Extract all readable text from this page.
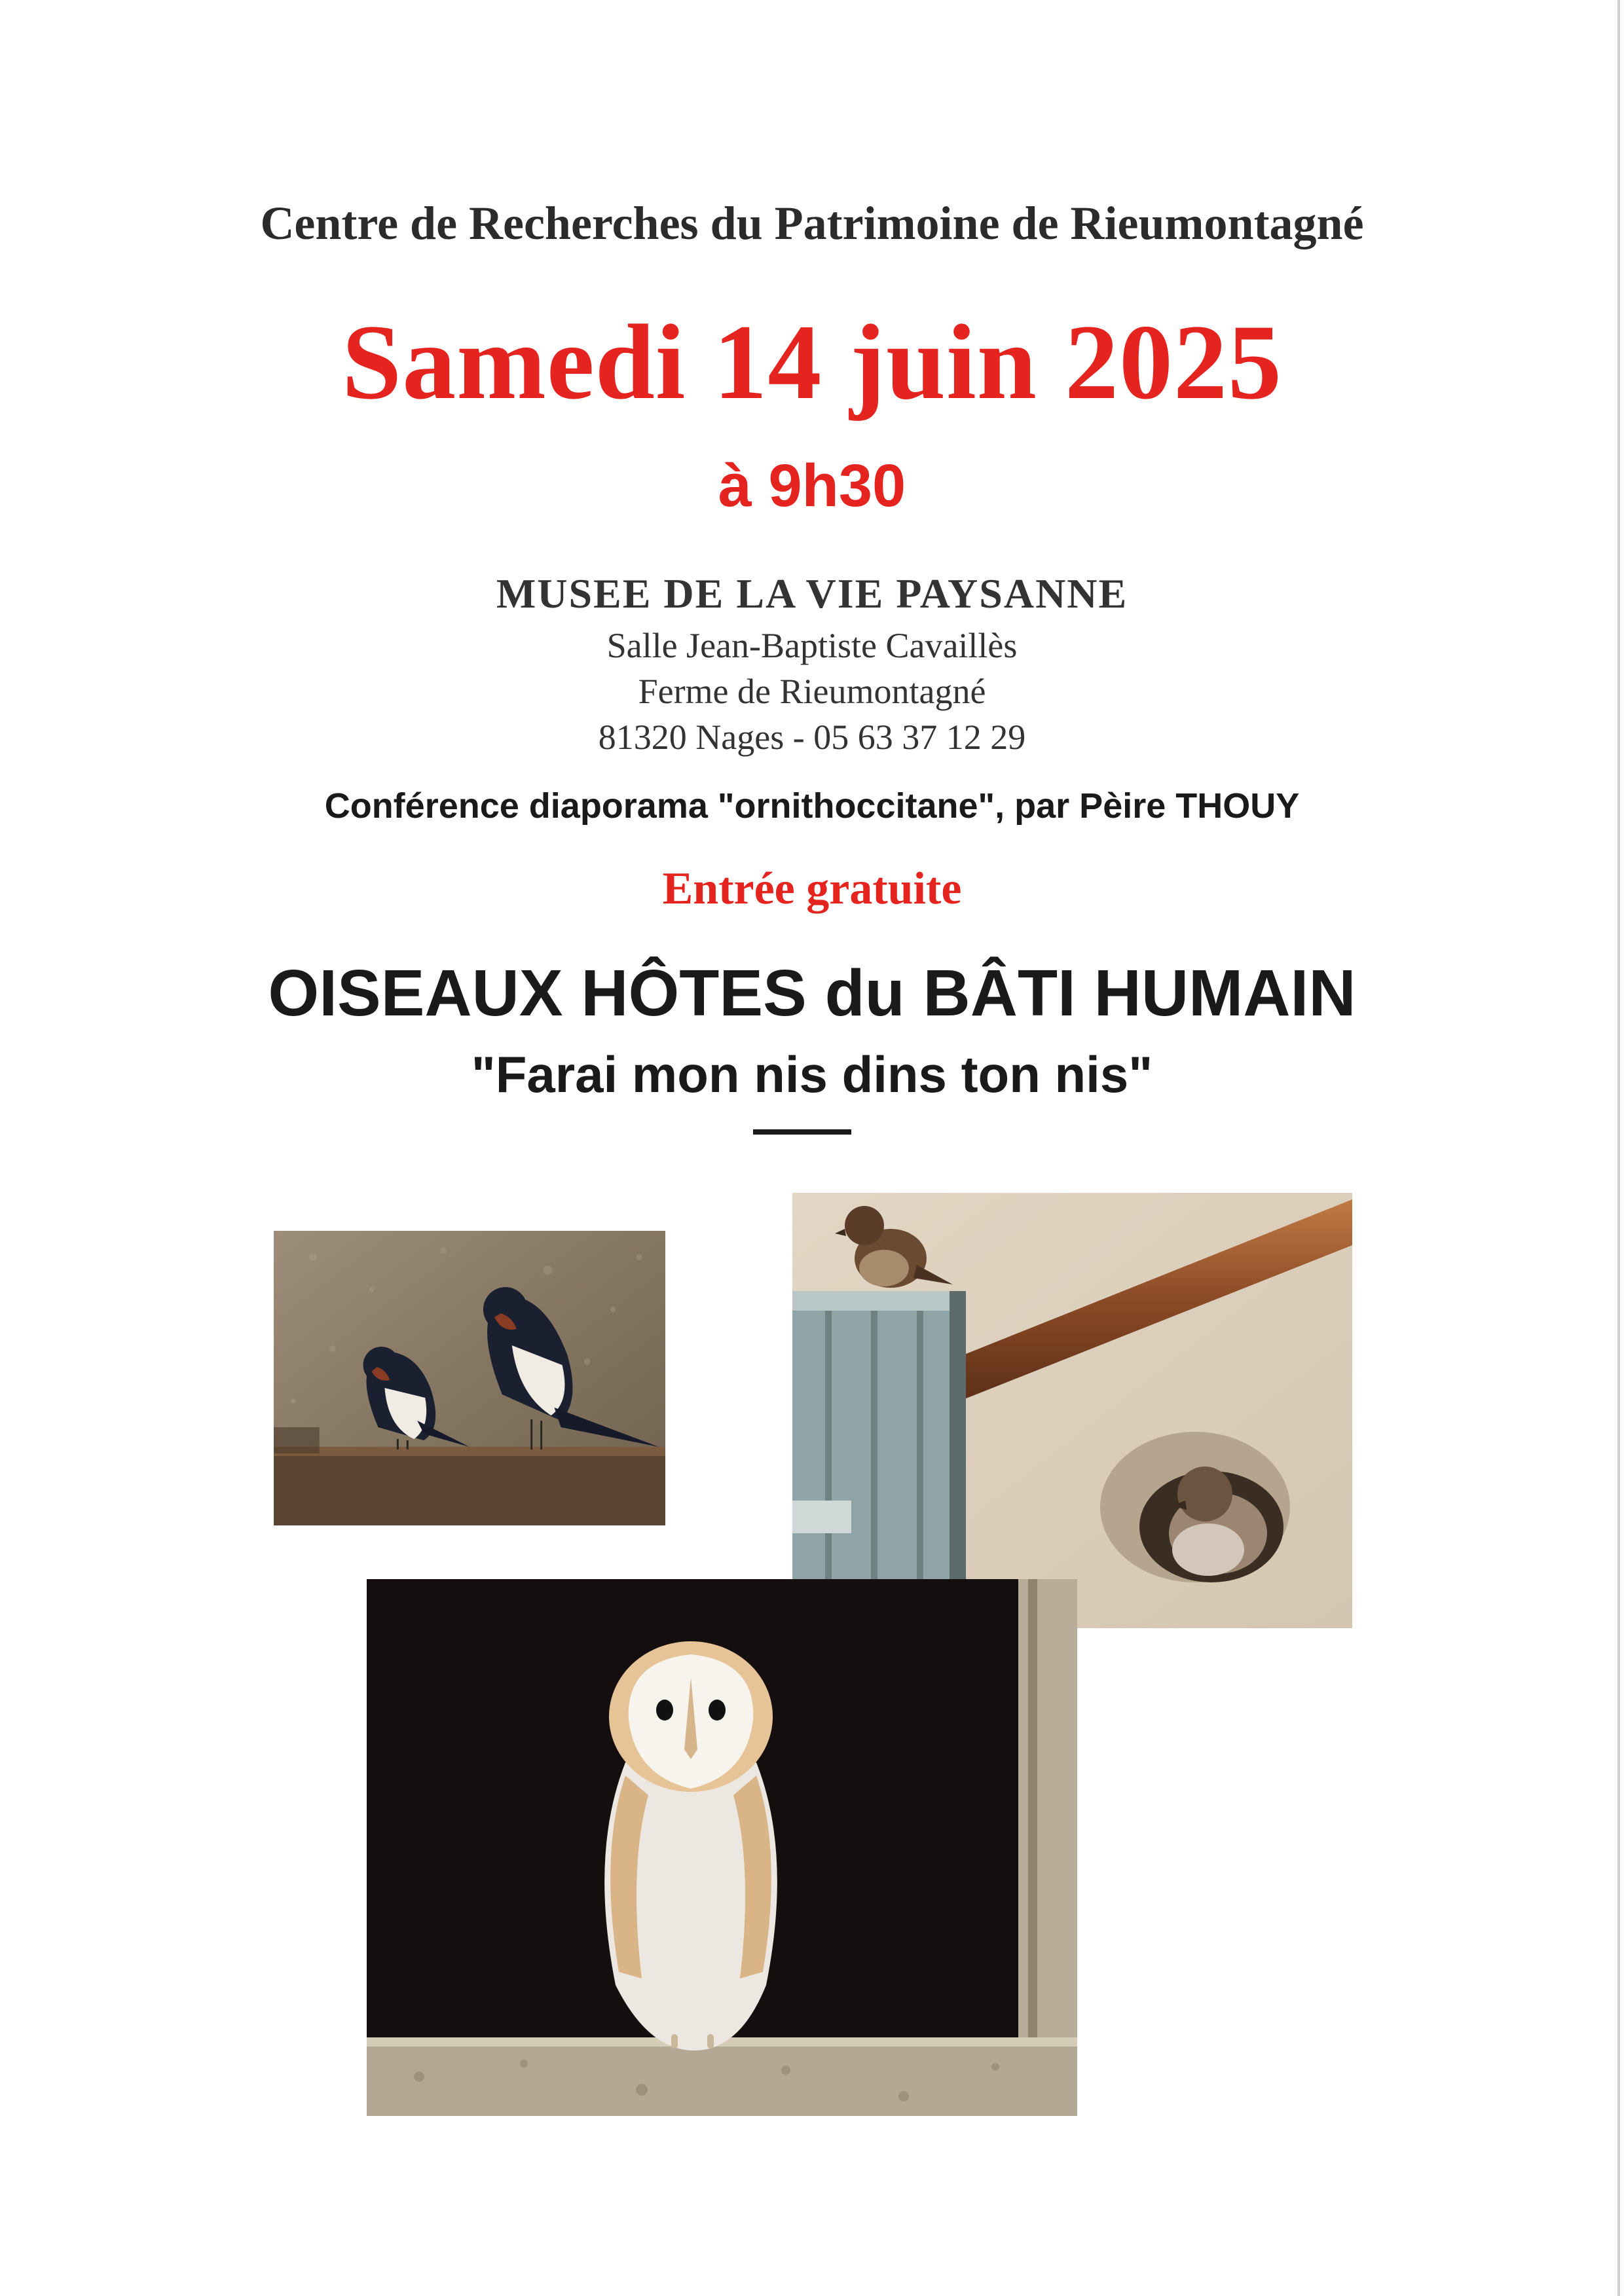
Centre de Recherches du Patrimoine de Rieumontagné
Samedi 14 juin 2025
à 9h30
MUSEE DE LA VIE PAYSANNE
Salle Jean-Baptiste Cavaillès
Ferme de Rieumontagné
81320 Nages - 05 63 37 12 29
Conférence diaporama "ornithoccitane", par Pèire THOUY
Entrée gratuite
OISEAUX HÔTES du BÂTI HUMAIN
"Farai mon nis dins ton nis"
